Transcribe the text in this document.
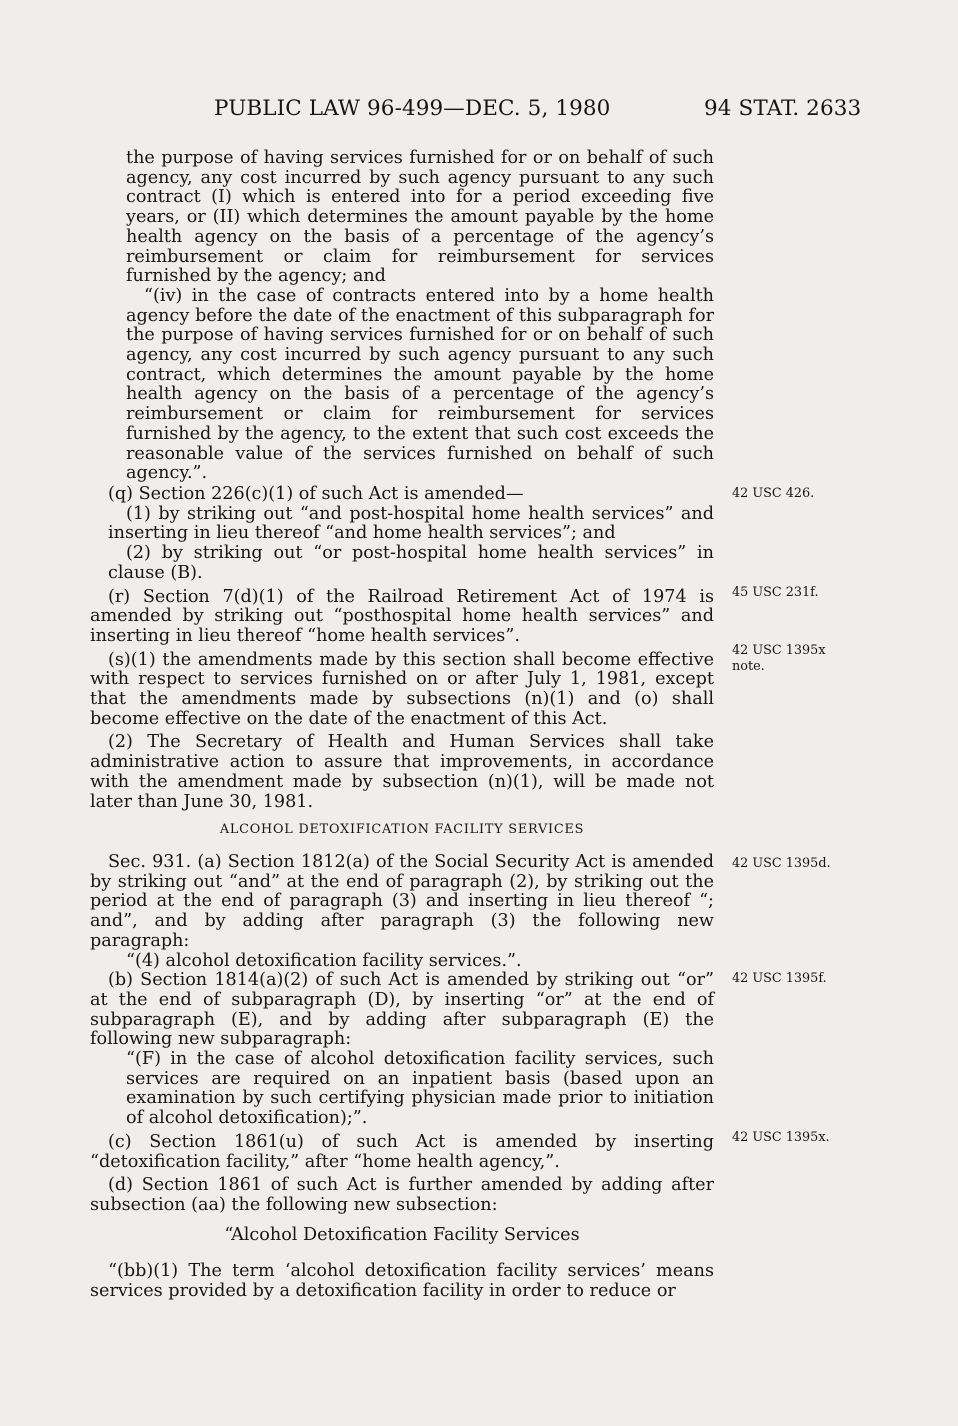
PUBLIC LAW 96-499—DEC. 5, 1980	94 STAT. 2633

the purpose of having services furnished for or on behalf of such agency, any cost incurred by such agency pursuant to any such contract (I) which is entered into for a period exceeding five years, or (II) which determines the amount payable by the home health agency on the basis of a percentage of the agency’s reimbursement or claim for reimbursement for services furnished by the agency; and

“(iv) in the case of contracts entered into by a home health agency before the date of the enactment of this subparagraph for the purpose of having services furnished for or on behalf of such agency, any cost incurred by such agency pursuant to any such contract, which determines the amount payable by the home health agency on the basis of a percentage of the agency’s reimbursement or claim for reimbursement for services furnished by the agency, to the extent that such cost exceeds the reasonable value of the services furnished on behalf of such agency.”.

(q) Section 226(c)(1) of such Act is amended—

(1) by striking out “and post-hospital home health services” and inserting in lieu thereof “and home health services”; and

(2) by striking out “or post-hospital home health services” in clause (B).

(r) Section 7(d)(1) of the Railroad Retirement Act of 1974 is amended by striking out “posthospital home health services” and inserting in lieu thereof “home health services”.

(s)(1) the amendments made by this section shall become effective with respect to services furnished on or after July 1, 1981, except that the amendments made by subsections (n)(1) and (o) shall become effective on the date of the enactment of this Act.

(2) The Secretary of Health and Human Services shall take administrative action to assure that improvements, in accordance with the amendment made by subsection (n)(1), will be made not later than June 30, 1981.

ALCOHOL DETOXIFICATION FACILITY SERVICES

Sec. 931. (a) Section 1812(a) of the Social Security Act is amended by striking out “and” at the end of paragraph (2), by striking out the period at the end of paragraph (3) and inserting in lieu thereof “; and”, and by adding after paragraph (3) the following new paragraph:

“(4) alcohol detoxification facility services.”.

(b) Section 1814(a)(2) of such Act is amended by striking out “or” at the end of subparagraph (D), by inserting “or” at the end of subparagraph (E), and by adding after subparagraph (E) the following new subparagraph:

“(F) in the case of alcohol detoxification facility services, such services are required on an inpatient basis (based upon an examination by such certifying physician made prior to initiation of alcohol detoxification);”.

(c) Section 1861(u) of such Act is amended by inserting “detoxification facility,” after “home health agency,”.

(d) Section 1861 of such Act is further amended by adding after subsection (aa) the following new subsection:

“Alcohol Detoxification Facility Services

“(bb)(1) The term ‘alcohol detoxification facility services’ means services provided by a detoxification facility in order to reduce or

42 USC 426.
45 USC 231f.
42 USC 1395x
note.
42 USC 1395d.
42 USC 1395f.
42 USC 1395x.
